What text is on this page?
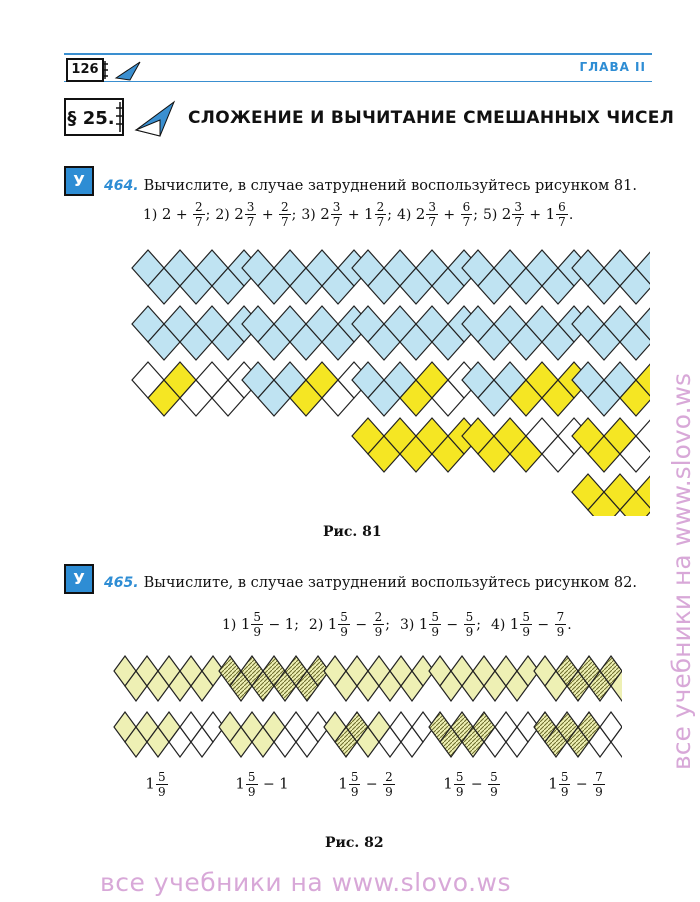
126	ГЛАВА II
§ 25.	СЛОЖЕНИЕ И ВЫЧИТАНИЕ СМЕШАННЫХ ЧИСЕЛ
У	464. Вычислите, в случае затруднений воспользуйтесь рисунком 81.
1) $2 + \frac{2}{7}$ ; 2) $2 \frac{3}{7} + \frac{2}{7}$ ; 3) $2 \frac{3}{7} + 1 \frac{2}{7}$ ; 4) $2 \frac{3}{7} + \frac{6}{7}$ ; 5) $2 \frac{3}{7} + 1 \frac{6}{7}$ .
Рис. 81
У	465. Вычислите, в случае затруднений воспользуйтесь рисунком 82.
1) $1 \frac{5}{9} - 1$; 2) $1 \frac{5}{9} - \frac{2}{9}$ ; 3) $1 \frac{5}{9} - \frac{5}{9}$ ; 4) $1 \frac{5}{9} - \frac{7}{9}$ .
$1 \frac{5}{9}$	$1 \frac{5}{9} - 1$	$1 \frac{5}{9} - \frac{2}{9}$	$1 \frac{5}{9} - \frac{5}{9}$	$1 \frac{5}{9} - \frac{7}{9}$
Рис. 82
все учебники на www.slovo.ws
все учебники на www.slovo.ws
